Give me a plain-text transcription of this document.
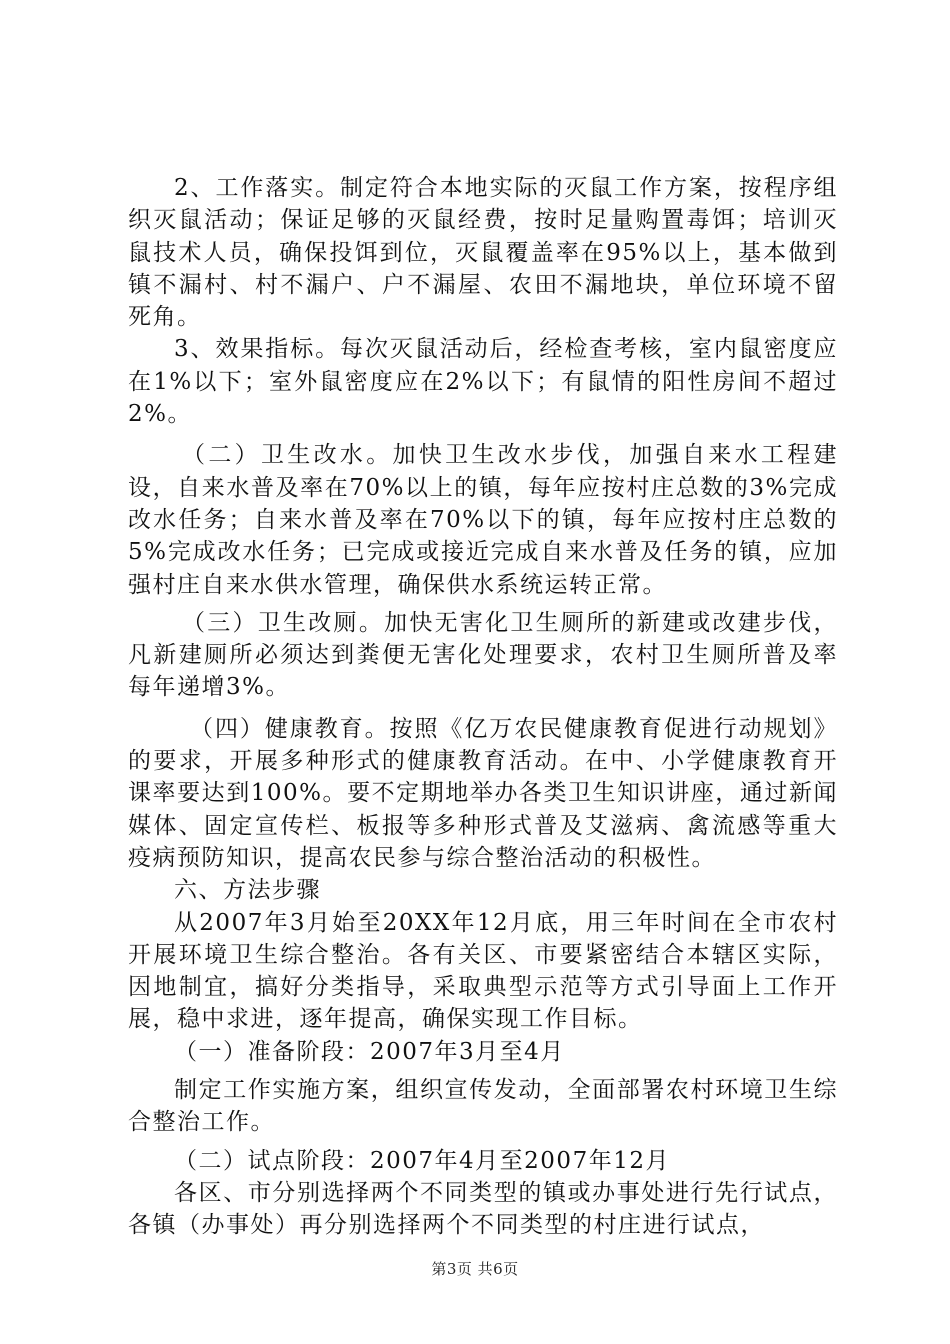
2、工作落实。制定符合本地实际的灭鼠工作方案，按程序组织灭鼠活动；保证足够的灭鼠经费，按时足量购置毒饵；培训灭鼠技术人员，确保投饵到位，灭鼠覆盖率在95%以上，基本做到镇不漏村、村不漏户、户不漏屋、农田不漏地块，单位环境不留死角。

3、效果指标。每次灭鼠活动后，经检查考核，室内鼠密度应在1%以下；室外鼠密度应在2%以下；有鼠情的阳性房间不超过2%。

（二）卫生改水。加快卫生改水步伐，加强自来水工程建设，自来水普及率在70%以上的镇，每年应按村庄总数的3%完成改水任务；自来水普及率在70%以下的镇，每年应按村庄总数的5%完成改水任务；已完成或接近完成自来水普及任务的镇，应加强村庄自来水供水管理，确保供水系统运转正常。

（三）卫生改厕。加快无害化卫生厕所的新建或改建步伐，凡新建厕所必须达到粪便无害化处理要求，农村卫生厕所普及率每年递增3%。

（四）健康教育。按照《亿万农民健康教育促进行动规划》的要求，开展多种形式的健康教育活动。在中、小学健康教育开课率要达到100%。要不定期地举办各类卫生知识讲座，通过新闻媒体、固定宣传栏、板报等多种形式普及艾滋病、禽流感等重大疫病预防知识，提高农民参与综合整治活动的积极性。

六、方法步骤

从2007年3月始至20XX年12月底，用三年时间在全市农村开展环境卫生综合整治。各有关区、市要紧密结合本辖区实际，因地制宜，搞好分类指导，采取典型示范等方式引导面上工作开展，稳中求进，逐年提高，确保实现工作目标。

（一）准备阶段：2007年3月至4月

制定工作实施方案，组织宣传发动，全面部署农村环境卫生综合整治工作。

（二）试点阶段：2007年4月至2007年12月

各区、市分别选择两个不同类型的镇或办事处进行先行试点，各镇（办事处）再分别选择两个不同类型的村庄进行试点，

第3页 共6页
